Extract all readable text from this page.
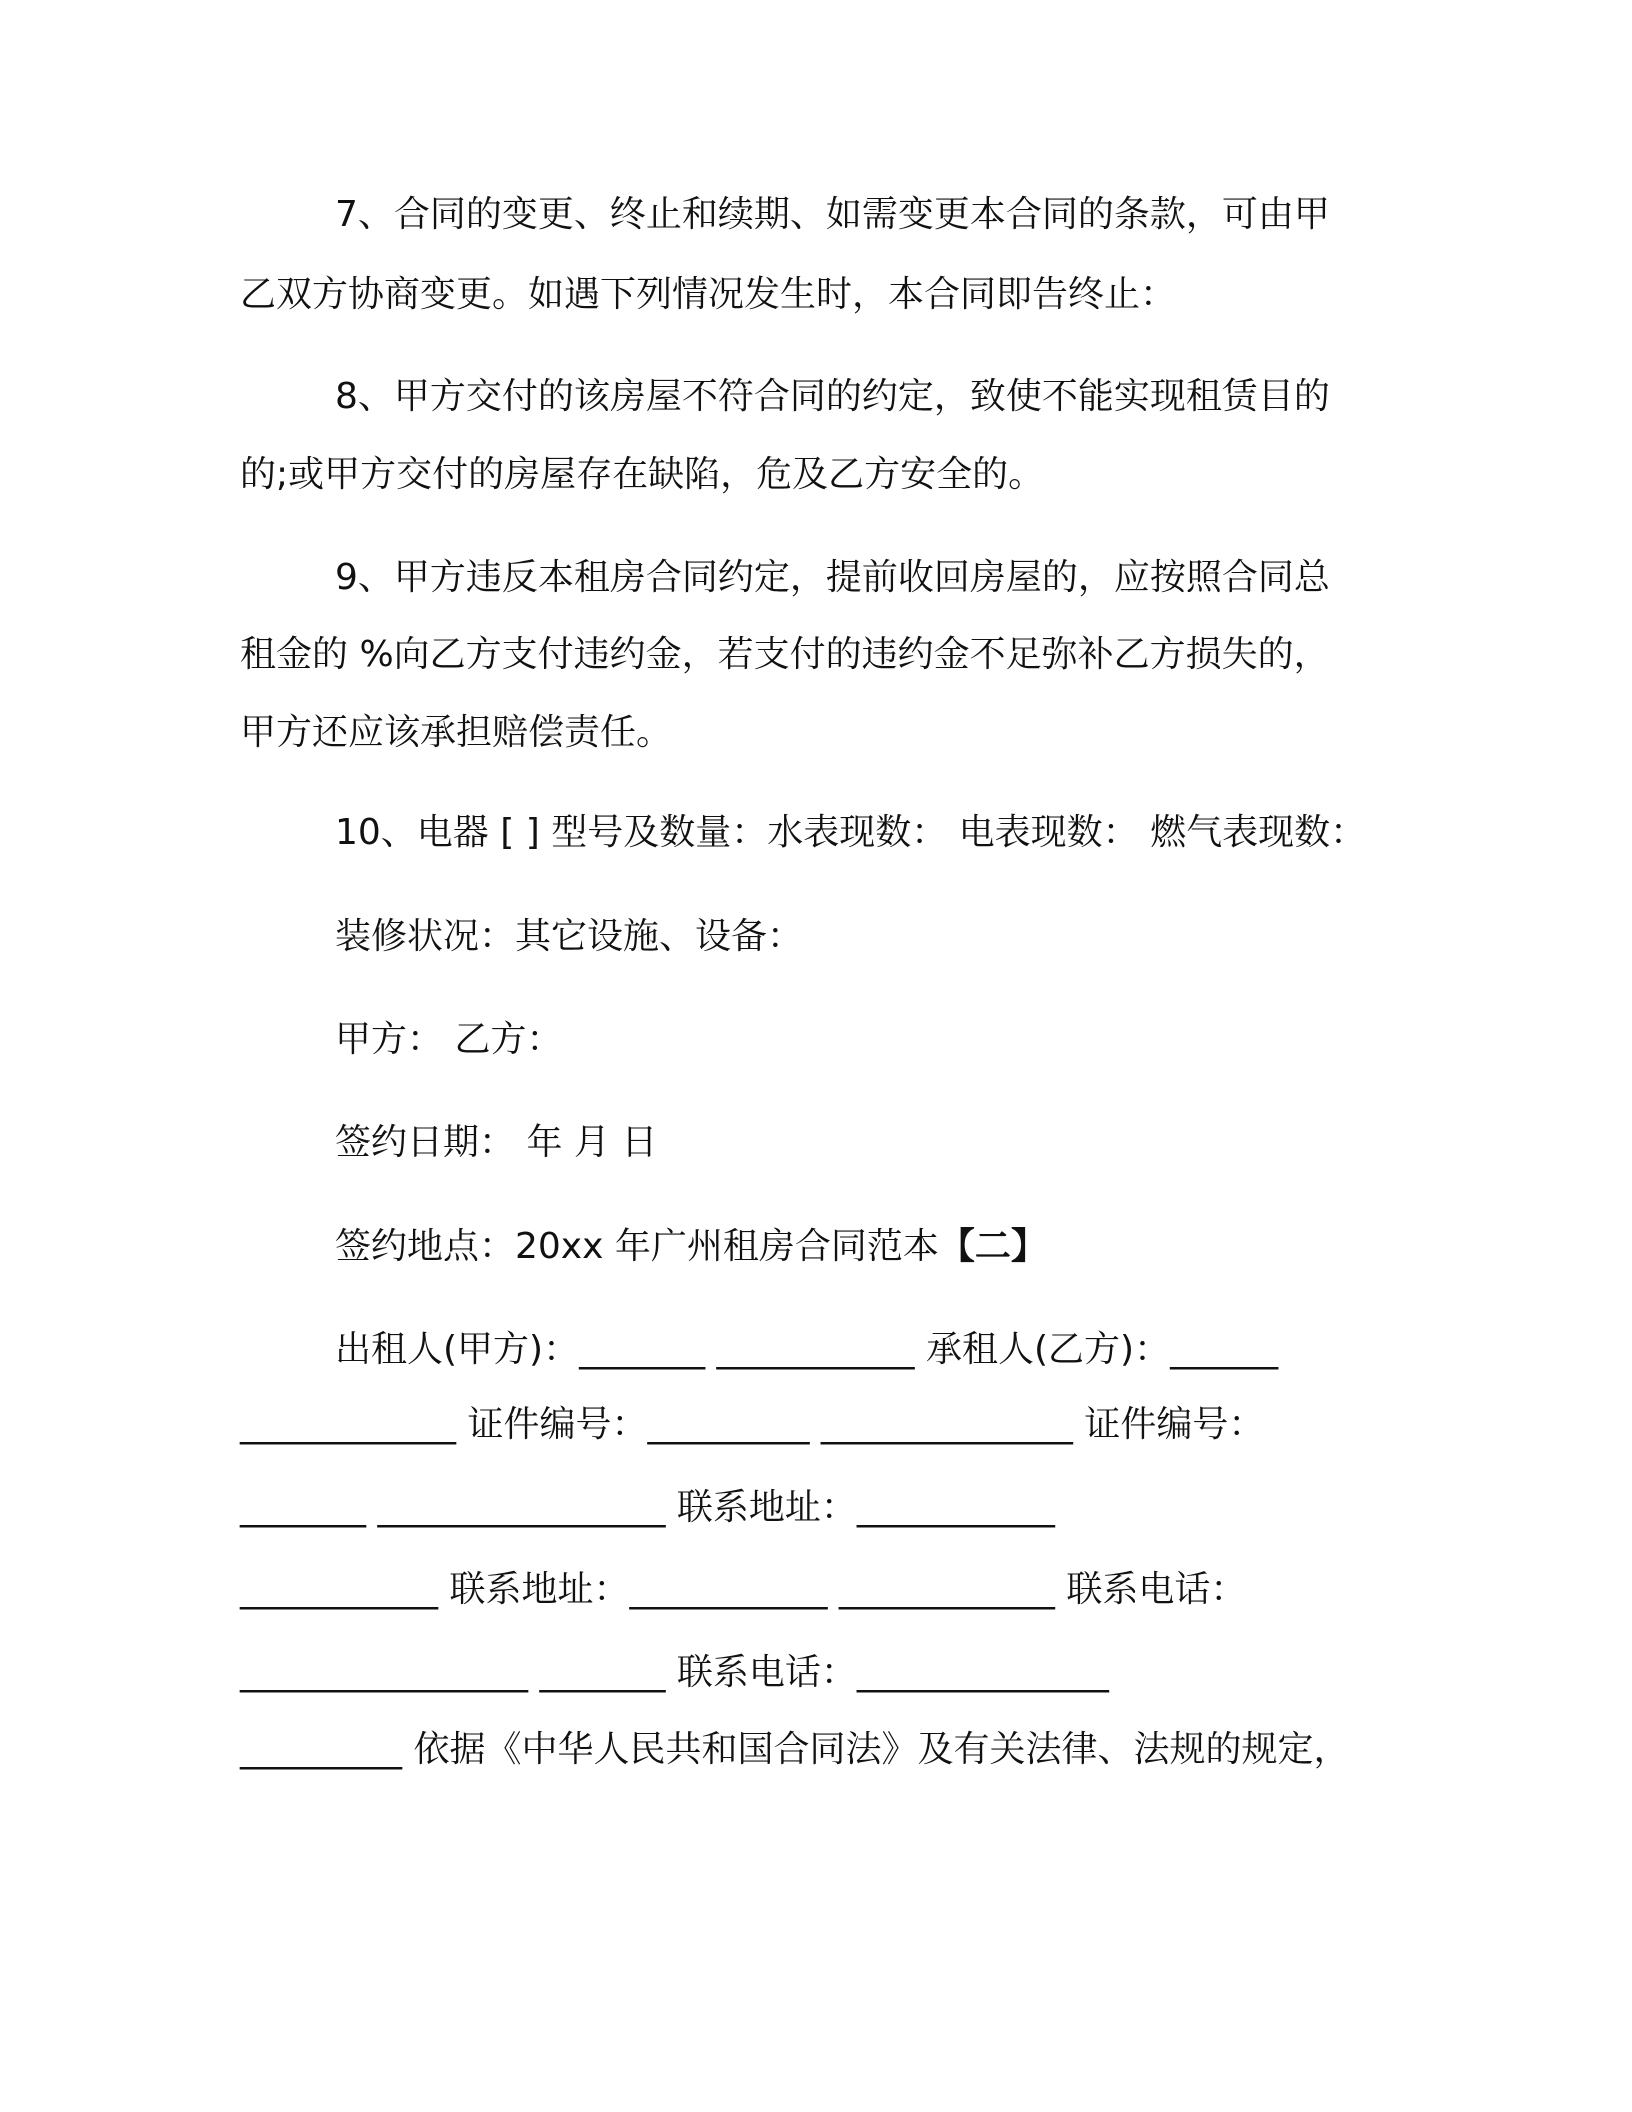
7、合同的变更、终止和续期、如需变更本合同的条款，可由甲
乙双方协商变更。如遇下列情况发生时，本合同即告终止：
8、甲方交付的该房屋不符合同的约定，致使不能实现租赁目的
的;或甲方交付的房屋存在缺陷，危及乙方安全的。
9、甲方违反本租房合同约定，提前收回房屋的，应按照合同总
租金的 %向乙方支付违约金，若支付的违约金不足弥补乙方损失的，
甲方还应该承担赔偿责任。
10、电器 [ ] 型号及数量：水表现数： 电表现数： 燃气表现数：
装修状况：其它设施、设备：
甲方： 乙方：
签约日期： 年 月 日
签约地点：20xx 年广州租房合同范本【二】
出租人(甲方)：_______ ___________ 承租人(乙方)：______
____________ 证件编号：_________ ______________ 证件编号：
_______ ________________ 联系地址：___________
___________ 联系地址：___________ ____________ 联系电话：
________________ _______ 联系电话：______________
_________ 依据《中华人民共和国合同法》及有关法律、法规的规定，
